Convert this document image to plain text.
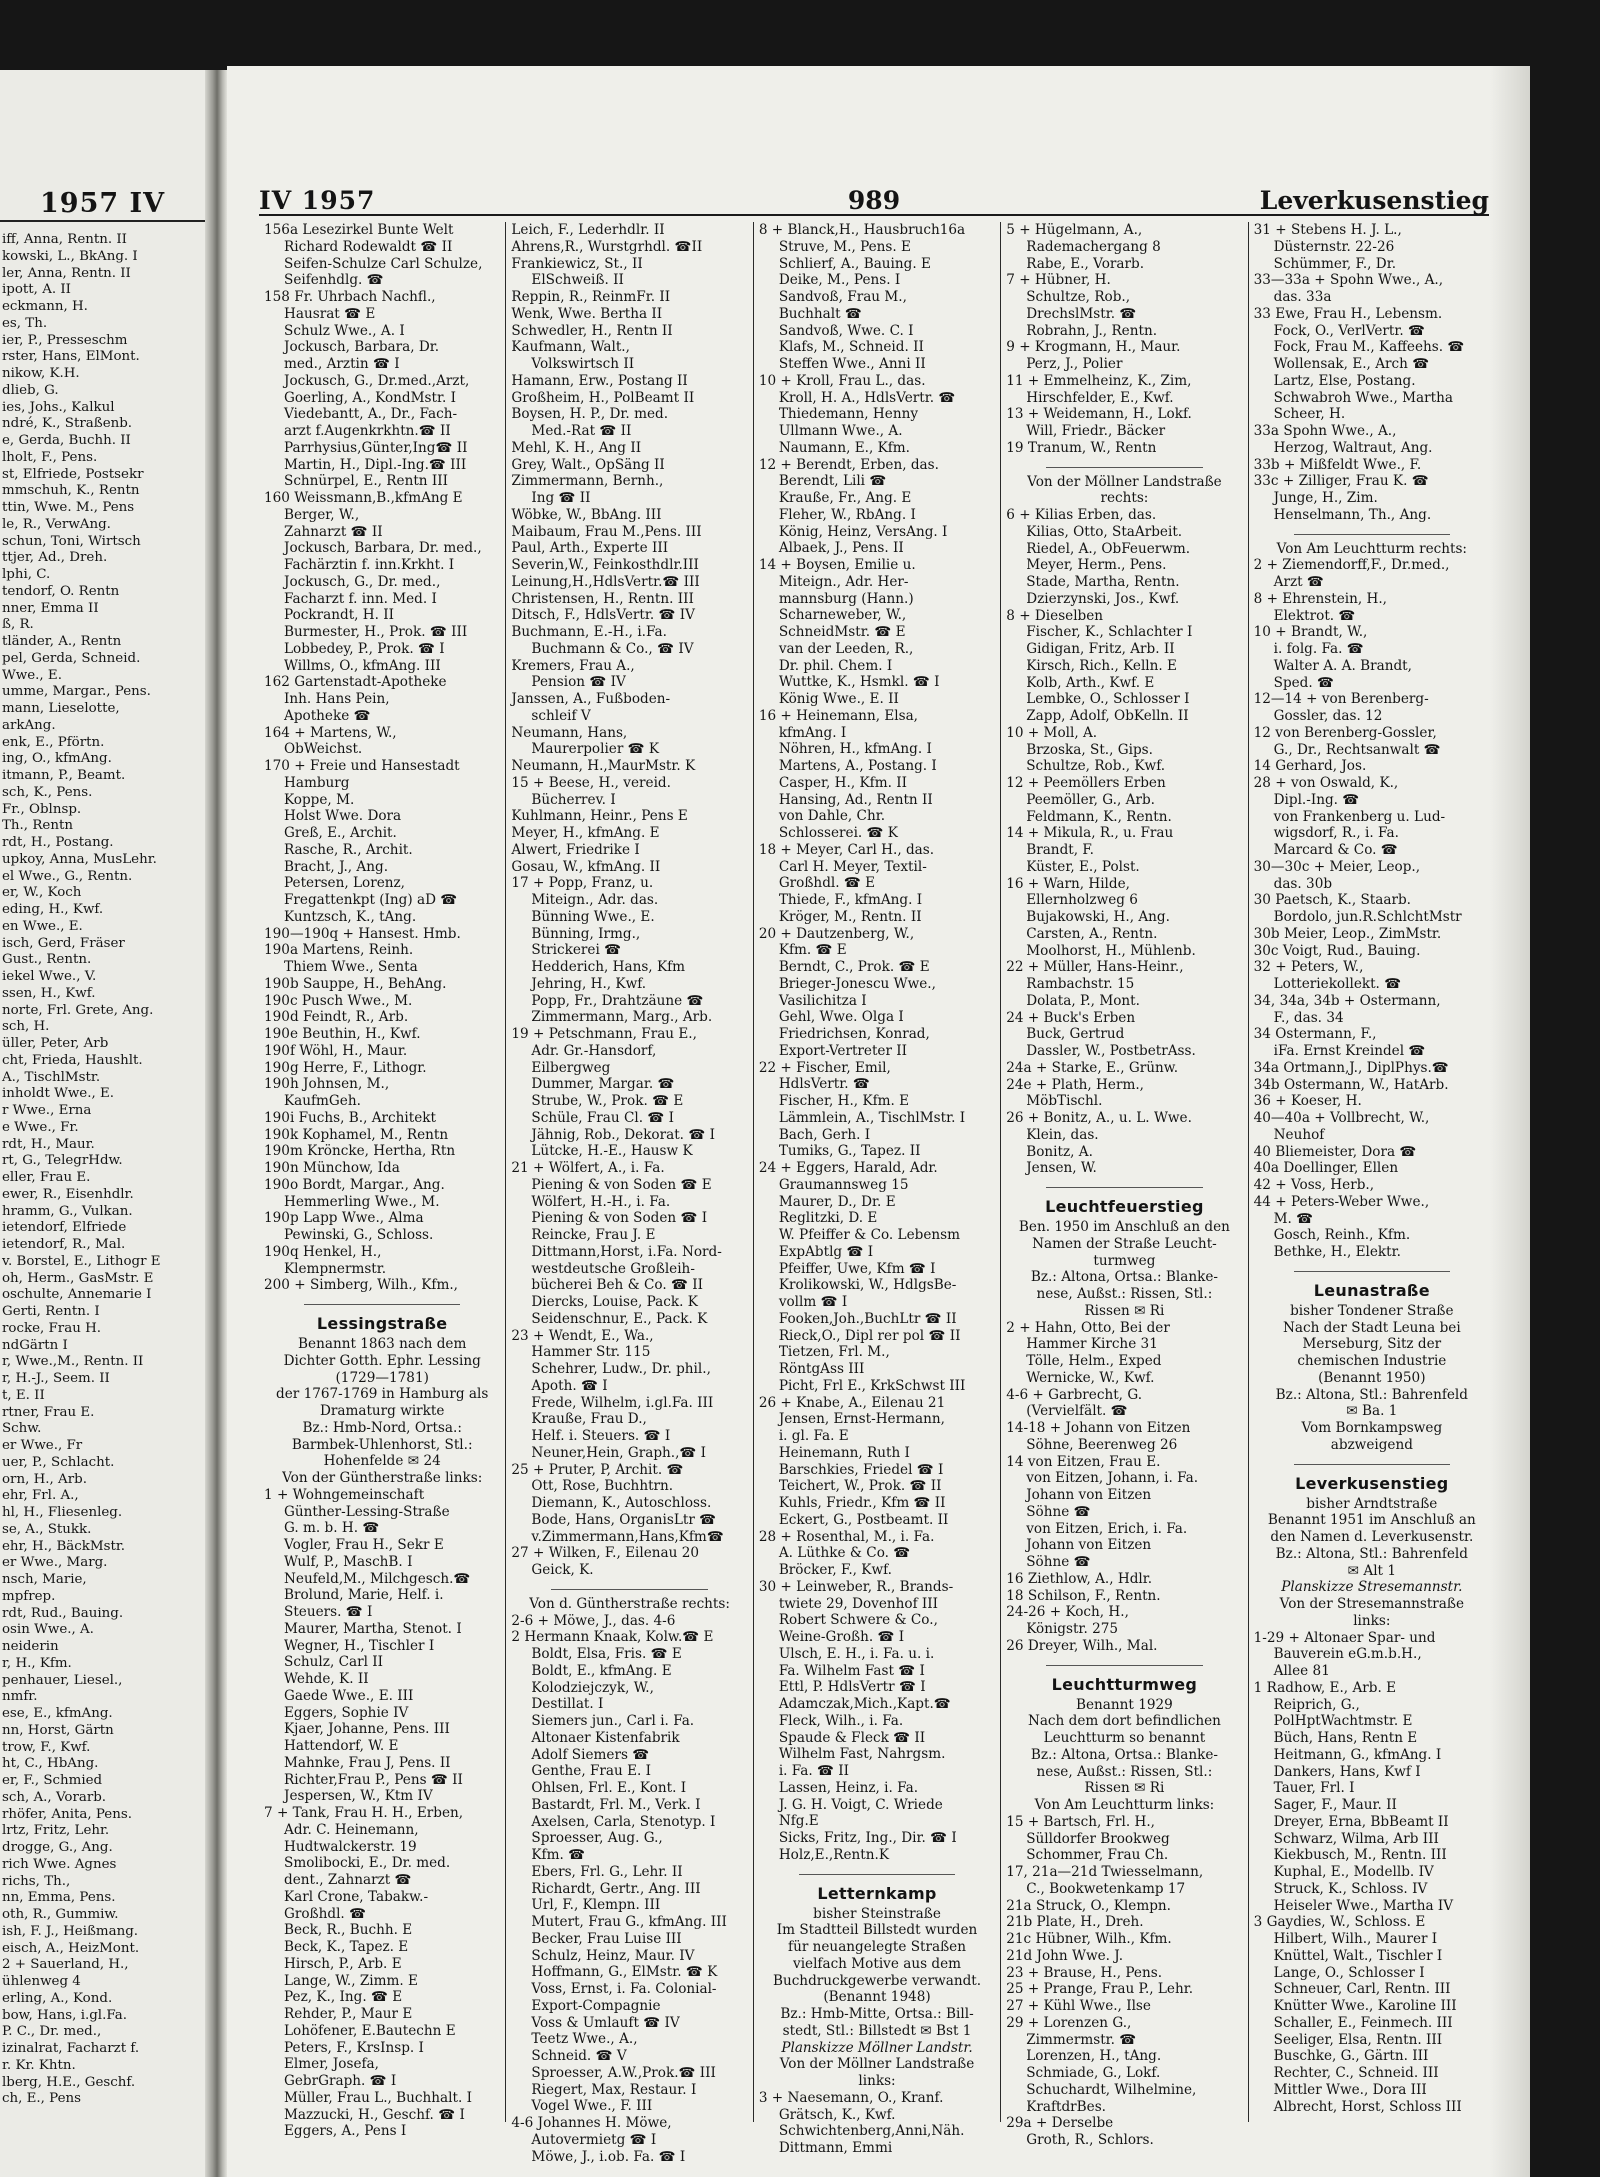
1957 IV
iff, Anna, Rentn. II
kowski, L., BkAng. I
ler, Anna, Rentn. II
ipott, A. II
eckmann, H.
es, Th.
ier, P., Presseschm
rster, Hans, ElMont.
nikow, K.H.
dlieb, G.
ies, Johs., Kalkul
ndré, K., Straßenb.
e, Gerda, Buchh. II
lholt, F., Pens.
st, Elfriede, Postsekr
mmschuh, K., Rentn
ttin, Wwe. M., Pens
le, R., VerwAng.
schun, Toni, Wirtsch
ttjer, Ad., Dreh.
lphi, C.
tendorf, O. Rentn
nner, Emma II
ß, R.
tländer, A., Rentn
pel, Gerda, Schneid.
Wwe., E.
umme, Margar., Pens.
mann, Lieselotte,
arkAng.
enk, E., Pförtn.
ing, O., kfmAng.
itmann, P., Beamt.
sch, K., Pens.
Fr., Oblnsp.
Th., Rentn
rdt, H., Postang.
upkoy, Anna, MusLehr.
el Wwe., G., Rentn.
er, W., Koch
eding, H., Kwf.
en Wwe., E.
isch, Gerd, Fräser
Gust., Rentn.
iekel Wwe., V.
ssen, H., Kwf.
norte, Frl. Grete, Ang.
sch, H.
üller, Peter, Arb
cht, Frieda, Haushlt.
A., TischlMstr.
inholdt Wwe., E.
r Wwe., Erna
e Wwe., Fr.
rdt, H., Maur.
rt, G., TelegrHdw.
eller, Frau E.
ewer, R., Eisenhdlr.
hramm, G., Vulkan.
ietendorf, Elfriede
ietendorf, R., Mal.
v. Borstel, E., Lithogr E
oh, Herm., GasMstr. E
oschulte, Annemarie I
Gerti, Rentn. I
rocke, Frau H.
ndGärtn I
r, Wwe.,M., Rentn. II
r, H.-J., Seem. II
t, E. II
rtner, Frau E.
Schw.
er Wwe., Fr
uer, P., Schlacht.
orn, H., Arb.
ehr, Frl. A.,
hl, H., Fliesenleg.
se, A., Stukk.
ehr, H., BäckMstr.
er Wwe., Marg.
nsch, Marie,
mpfrep.
rdt, Rud., Bauing.
osin Wwe., A.
neiderin
r, H., Kfm.
penhauer, Liesel.,
nmfr.
ese, E., kfmAng.
nn, Horst, Gärtn
trow, F., Kwf.
ht, C., HbAng.
er, F., Schmied
sch, A., Vorarb.
rhöfer, Anita, Pens.
lrtz, Fritz, Lehr.
drogge, G., Ang.
rich Wwe. Agnes
richs, Th.,
nn, Emma, Pens.
oth, R., Gummiw.
ish, F. J., Heißmang.
eisch, A., HeizMont.
2 + Sauerland, H.,
ühlenweg 4
erling, A., Kond.
bow, Hans, i.gl.Fa.
P. C., Dr. med.,
izinalrat, Facharzt f.
r. Kr. Khtn.
lberg, H.E., Geschf.
ch, E., Pens
IV 1957	989	Leverkusenstieg
156a Lesezirkel Bunte Welt
Richard Rodewaldt ☎ II
Seifen-Schulze Carl Schulze,
Seifenhdlg. ☎
158 Fr. Uhrbach Nachfl.,
Hausrat ☎ E
Schulz Wwe., A. I
Jockusch, Barbara, Dr.
med., Arztin ☎ I
Jockusch, G., Dr.med.,Arzt,
Goerling, A., KondMstr. I
Viedebantt, A., Dr., Fach-
arzt f.Augenkrkhtn.☎ II
Parrhysius,Günter,Ing☎ II
Martin, H., Dipl.-Ing.☎ III
Schnürpel, E., Rentn III
160 Weissmann,B.,kfmAng E
Berger, W.,
Zahnarzt ☎ II
Jockusch, Barbara, Dr. med.,
Fachärztin f. inn.Krkht. I
Jockusch, G., Dr. med.,
Facharzt f. inn. Med. I
Pockrandt, H. II
Burmester, H., Prok. ☎ III
Lobbedey, P., Prok. ☎ I
Willms, O., kfmAng. III
162 Gartenstadt-Apotheke
Inh. Hans Pein,
Apotheke ☎
164 + Martens, W.,
ObWeichst.
170 + Freie und Hansestadt
Hamburg
Koppe, M.
Holst Wwe. Dora
Greß, E., Archit.
Rasche, R., Archit.
Bracht, J., Ang.
Petersen, Lorenz,
Fregattenkpt (Ing) aD ☎
Kuntzsch, K., tAng.
190—190q + Hansest. Hmb.
190a Martens, Reinh.
Thiem Wwe., Senta
190b Sauppe, H., BehAng.
190c Pusch Wwe., M.
190d Feindt, R., Arb.
190e Beuthin, H., Kwf.
190f Wöhl, H., Maur.
190g Herre, F., Lithogr.
190h Johnsen, M.,
KaufmGeh.
190i Fuchs, B., Architekt
190k Kophamel, M., Rentn
190m Kröncke, Hertha, Rtn
190n Münchow, Ida
190o Bordt, Margar., Ang.
Hemmerling Wwe., M.
190p Lapp Wwe., Alma
Pewinski, G., Schloss.
190q Henkel, H.,
Klempnermstr.
200 + Simberg, Wilh., Kfm.,
Lessingstraße
Benannt 1863 nach dem
Dichter Gotth. Ephr. Lessing
(1729—1781)
der 1767-1769 in Hamburg als
Dramaturg wirkte
Bz.: Hmb-Nord, Ortsa.:
Barmbek-Uhlenhorst, Stl.:
Hohenfelde ✉ 24
Von der Güntherstraße links:
1 + Wohngemeinschaft
Günther-Lessing-Straße
G. m. b. H. ☎
Vogler, Frau H., Sekr E
Wulf, P., MaschB. I
Neufeld,M., Milchgesch.☎
Brolund, Marie, Helf. i.
Steuers. ☎ I
Maurer, Martha, Stenot. I
Wegner, H., Tischler I
Schulz, Carl II
Wehde, K. II
Gaede Wwe., E. III
Eggers, Sophie IV
Kjaer, Johanne, Pens. III
Hattendorf, W. E
Mahnke, Frau J, Pens. II
Richter,Frau P., Pens ☎ II
Jespersen, W., Ktm IV
7 + Tank, Frau H. H., Erben,
Adr. C. Heinemann,
Hudtwalckerstr. 19
Smolibocki, E., Dr. med.
dent., Zahnarzt ☎
Karl Crone, Tabakw.-
Großhdl. ☎
Beck, R., Buchh. E
Beck, K., Tapez. E
Hirsch, P., Arb. E
Lange, W., Zimm. E
Pez, K., Ing. ☎ E
Rehder, P., Maur E
Lohöfener, E.Bautechn E
Peters, F., KrsInsp. I
Elmer, Josefa,
GebrGraph. ☎ I
Müller, Frau L., Buchhalt. I
Mazzucki, H., Geschf. ☎ I
Eggers, A., Pens I
Leich, F., Lederhdlr. II
Ahrens,R., Wurstgrhdl. ☎II
Frankiewicz, St., II
ElSchweiß. II
Reppin, R., ReinmFr. II
Wenk, Wwe. Bertha II
Schwedler, H., Rentn II
Kaufmann, Walt.,
Volkswirtsch II
Hamann, Erw., Postang II
Großheim, H., PolBeamt II
Boysen, H. P., Dr. med.
Med.-Rat ☎ II
Mehl, K. H., Ang II
Grey, Walt., OpSäng II
Zimmermann, Bernh.,
Ing ☎ II
Wöbke, W., BbAng. III
Maibaum, Frau M.,Pens. III
Paul, Arth., Experte III
Severin,W., Feinkosthdlr.III
Leinung,H.,HdlsVertr.☎ III
Christensen, H., Rentn. III
Ditsch, F., HdlsVertr. ☎ IV
Buchmann, E.-H., i.Fa.
Buchmann & Co., ☎ IV
Kremers, Frau A.,
Pension ☎ IV
Janssen, A., Fußboden-
schleif V
Neumann, Hans,
Maurerpolier ☎ K
Neumann, H.,MaurMstr. K
15 + Beese, H., vereid.
Bücherrev. I
Kuhlmann, Heinr., Pens E
Meyer, H., kfmAng. E
Alwert, Friedrike I
Gosau, W., kfmAng. II
17 + Popp, Franz, u.
Miteign., Adr. das.
Bünning Wwe., E.
Bünning, Irmg.,
Strickerei ☎
Hedderich, Hans, Kfm
Jehring, H., Kwf.
Popp, Fr., Drahtzäune ☎
Zimmermann, Marg., Arb.
19 + Petschmann, Frau E.,
Adr. Gr.-Hansdorf,
Eilbergweg
Dummer, Margar. ☎
Strube, W., Prok. ☎ E
Schüle, Frau Cl. ☎ I
Jähnig, Rob., Dekorat. ☎ I
Lütcke, H.-E., Hausw K
21 + Wölfert, A., i. Fa.
Piening & von Soden ☎ E
Wölfert, H.-H., i. Fa.
Piening & von Soden ☎ I
Reincke, Frau J. E
Dittmann,Horst, i.Fa. Nord-
westdeutsche Großleih-
bücherei Beh & Co. ☎ II
Diercks, Louise, Pack. K
Seidenschnur, E., Pack. K
23 + Wendt, E., Wa.,
Hammer Str. 115
Schehrer, Ludw., Dr. phil.,
Apoth. ☎ I
Frede, Wilhelm, i.gl.Fa. III
Krauße, Frau D.,
Helf. i. Steuers. ☎ I
Neuner,Hein, Graph.,☎ I
25 + Pruter, P, Archit. ☎
Ott, Rose, Buchhtrn.
Diemann, K., Autoschloss.
Bode, Hans, OrganisLtr ☎
v.Zimmermann,Hans,Kfm☎
27 + Wilken, F., Eilenau 20
Geick, K.
Von d. Güntherstraße rechts:
2-6 + Möwe, J., das. 4-6
2 Hermann Knaak, Kolw.☎ E
Boldt, Elsa, Fris. ☎ E
Boldt, E., kfmAng. E
Kolodziejczyk, W.,
Destillat. I
Siemers jun., Carl i. Fa.
Altonaer Kistenfabrik
Adolf Siemers ☎
Genthe, Frau E. I
Ohlsen, Frl. E., Kont. I
Bastardt, Frl. M., Verk. I
Axelsen, Carla, Stenotyp. I
Sproesser, Aug. G.,
Kfm. ☎
Ebers, Frl. G., Lehr. II
Richardt, Gertr., Ang. III
Url, F., Klempn. III
Mutert, Frau G., kfmAng. III
Becker, Frau Luise III
Schulz, Heinz, Maur. IV
Hoffmann, G., ElMstr. ☎ K
Voss, Ernst, i. Fa. Colonial-
Export-Compagnie
Voss & Umlauft ☎ IV
Teetz Wwe., A.,
Schneid. ☎ V
Sproesser, A.W.,Prok.☎ III
Riegert, Max, Restaur. I
Vogel Wwe., F. III
4-6 Johannes H. Möwe,
Autovermietg ☎ I
Möwe, J., i.ob. Fa. ☎ I
8 + Blanck,H., Hausbruch16a
Struve, M., Pens. E
Schlierf, A., Bauing. E
Deike, M., Pens. I
Sandvoß, Frau M.,
Buchhalt ☎
Sandvoß, Wwe. C. I
Klafs, M., Schneid. II
Steffen Wwe., Anni II
10 + Kroll, Frau L., das.
Kroll, H. A., HdlsVertr. ☎
Thiedemann, Henny
Ullmann Wwe., A.
Naumann, E., Kfm.
12 + Berendt, Erben, das.
Berendt, Lili ☎
Krauße, Fr., Ang. E
Fleher, W., RbAng. I
König, Heinz, VersAng. I
Albaek, J., Pens. II
14 + Boysen, Emilie u.
Miteign., Adr. Her-
mannsburg (Hann.)
Scharneweber, W.,
SchneidMstr. ☎ E
van der Leeden, R.,
Dr. phil. Chem. I
Wuttke, K., Hsmkl. ☎ I
König Wwe., E. II
16 + Heinemann, Elsa,
kfmAng. I
Nöhren, H., kfmAng. I
Martens, A., Postang. I
Casper, H., Kfm. II
Hansing, Ad., Rentn II
von Dahle, Chr.
Schlosserei. ☎ K
18 + Meyer, Carl H., das.
Carl H. Meyer, Textil-
Großhdl. ☎ E
Thiede, F., kfmAng. I
Kröger, M., Rentn. II
20 + Dautzenberg, W.,
Kfm. ☎ E
Berndt, C., Prok. ☎ E
Brieger-Jonescu Wwe.,
Vasilichitza I
Gehl, Wwe. Olga I
Friedrichsen, Konrad,
Export-Vertreter II
22 + Fischer, Emil,
HdlsVertr. ☎
Fischer, H., Kfm. E
Lämmlein, A., TischlMstr. I
Bach, Gerh. I
Tumiks, G., Tapez. II
24 + Eggers, Harald, Adr.
Graumannsweg 15
Maurer, D., Dr. E
Reglitzki, D. E
W. Pfeiffer & Co. Lebensm
ExpAbtlg ☎ I
Pfeiffer, Uwe, Kfm ☎ I
Krolikowski, W., HdlgsBe-
vollm ☎ I
Fooken,Joh.,BuchLtr ☎ II
Rieck,O., Dipl rer pol ☎ II
Tietzen, Frl. M.,
RöntgAss III
Picht, Frl E., KrkSchwst III
26 + Knabe, A., Eilenau 21
Jensen, Ernst-Hermann,
i. gl. Fa. E
Heinemann, Ruth I
Barschkies, Friedel ☎ I
Teichert, W., Prok. ☎ II
Kuhls, Friedr., Kfm ☎ II
Eckert, G., Postbeamt. II
28 + Rosenthal, M., i. Fa.
A. Lüthke & Co. ☎
Bröcker, F., Kwf.
30 + Leinweber, R., Brands-
twiete 29, Dovenhof III
Robert Schwere & Co.,
Weine-Großh. ☎ I
Ulsch, E. H., i. Fa. u. i.
Fa. Wilhelm Fast ☎ I
Ettl, P. HdlsVertr ☎ I
Adamczak,Mich.,Kapt.☎
Fleck, Wilh., i. Fa.
Spaude & Fleck ☎ II
Wilhelm Fast, Nahrgsm.
i. Fa. ☎ II
Lassen, Heinz, i. Fa.
J. G. H. Voigt, C. Wriede
Nfg.E
Sicks, Fritz, Ing., Dir. ☎ I
Holz,E.,Rentn.K
Letternkamp
bisher Steinstraße
Im Stadtteil Billstedt wurden
für neuangelegte Straßen
vielfach Motive aus dem
Buchdruckgewerbe verwandt.
(Benannt 1948)
Bz.: Hmb-Mitte, Ortsa.: Bill-
stedt, Stl.: Billstedt ✉ Bst 1
Planskizze Möllner Landstr.
Von der Möllner Landstraße
links:
3 + Naesemann, O., Kranf.
Grätsch, K., Kwf.
Schwichtenberg,Anni,Näh.
Dittmann, Emmi
5 + Hügelmann, A.,
Rademachergang 8
Rabe, E., Vorarb.
7 + Hübner, H.
Schultze, Rob.,
DrechslMstr. ☎
Robrahn, J., Rentn.
9 + Krogmann, H., Maur.
Perz, J., Polier
11 + Emmelheinz, K., Zim,
Hirschfelder, E., Kwf.
13 + Weidemann, H., Lokf.
Will, Friedr., Bäcker
19 Tranum, W., Rentn
Von der Möllner Landstraße
rechts:
6 + Kilias Erben, das.
Kilias, Otto, StaArbeit.
Riedel, A., ObFeuerwm.
Meyer, Herm., Pens.
Stade, Martha, Rentn.
Dzierzynski, Jos., Kwf.
8 + Dieselben
Fischer, K., Schlachter I
Gidigan, Fritz, Arb. II
Kirsch, Rich., Kelln. E
Kolb, Arth., Kwf. E
Lembke, O., Schlosser I
Zapp, Adolf, ObKelln. II
10 + Moll, A.
Brzoska, St., Gips.
Schultze, Rob., Kwf.
12 + Peemöllers Erben
Peemöller, G., Arb.
Feldmann, K., Rentn.
14 + Mikula, R., u. Frau
Brandt, F.
Küster, E., Polst.
16 + Warn, Hilde,
Ellernholzweg 6
Bujakowski, H., Ang.
Carsten, A., Rentn.
Moolhorst, H., Mühlenb.
22 + Müller, Hans-Heinr.,
Rambachstr. 15
Dolata, P., Mont.
24 + Buck's Erben
Buck, Gertrud
Dassler, W., PostbetrAss.
24a + Starke, E., Grünw.
24e + Plath, Herm.,
MöbTischl.
26 + Bonitz, A., u. L. Wwe.
Klein, das.
Bonitz, A.
Jensen, W.
Leuchtfeuerstieg
Ben. 1950 im Anschluß an den
Namen der Straße Leucht-
turmweg
Bz.: Altona, Ortsa.: Blanke-
nese, Außst.: Rissen, Stl.:
Rissen ✉ Ri
2 + Hahn, Otto, Bei der
Hammer Kirche 31
Tölle, Helm., Exped
Wernicke, W., Kwf.
4-6 + Garbrecht, G.
(Vervielfält. ☎
14-18 + Johann von Eitzen
Söhne, Beerenweg 26
14 von Eitzen, Frau E.
von Eitzen, Johann, i. Fa.
Johann von Eitzen
Söhne ☎
von Eitzen, Erich, i. Fa.
Johann von Eitzen
Söhne ☎
16 Ziethlow, A., Hdlr.
18 Schilson, F., Rentn.
24-26 + Koch, H.,
Königstr. 275
26 Dreyer, Wilh., Mal.
Leuchtturmweg
Benannt 1929
Nach dem dort befindlichen
Leuchtturm so benannt
Bz.: Altona, Ortsa.: Blanke-
nese, Außst.: Rissen, Stl.:
Rissen ✉ Ri
Von Am Leuchtturm links:
15 + Bartsch, Frl. H.,
Sülldorfer Brookweg
Schommer, Frau Ch.
17, 21a—21d Twiesselmann,
C., Bookwetenkamp 17
21a Struck, O., Klempn.
21b Plate, H., Dreh.
21c Hübner, Wilh., Kfm.
21d John Wwe. J.
23 + Brause, H., Pens.
25 + Prange, Frau P., Lehr.
27 + Kühl Wwe., Ilse
29 + Lorenzen G.,
Zimmermstr. ☎
Lorenzen, H., tAng.
Schmiade, G., Lokf.
Schuchardt, Wilhelmine,
KraftdrBes.
29a + Derselbe
Groth, R., Schlors.
31 + Stebens H. J. L.,
Düsternstr. 22-26
Schümmer, F., Dr.
33—33a + Spohn Wwe., A.,
das. 33a
33 Ewe, Frau H., Lebensm.
Fock, O., VerlVertr. ☎
Fock, Frau M., Kaffeehs. ☎
Wollensak, E., Arch ☎
Lartz, Else, Postang.
Schwabroh Wwe., Martha
Scheer, H.
33a Spohn Wwe., A.,
Herzog, Waltraut, Ang.
33b + Mißfeldt Wwe., F.
33c + Zilliger, Frau K. ☎
Junge, H., Zim.
Henselmann, Th., Ang.
Von Am Leuchtturm rechts:
2 + Ziemendorff,F., Dr.med.,
Arzt ☎
8 + Ehrenstein, H.,
Elektrot. ☎
10 + Brandt, W.,
i. folg. Fa. ☎
Walter A. A. Brandt,
Sped. ☎
12—14 + von Berenberg-
Gossler, das. 12
12 von Berenberg-Gossler,
G., Dr., Rechtsanwalt ☎
14 Gerhard, Jos.
28 + von Oswald, K.,
Dipl.-Ing. ☎
von Frankenberg u. Lud-
wigsdorf, R., i. Fa.
Marcard & Co. ☎
30—30c + Meier, Leop.,
das. 30b
30 Paetsch, K., Staarb.
Bordolo, jun.R.SchlchtMstr
30b Meier, Leop., ZimMstr.
30c Voigt, Rud., Bauing.
32 + Peters, W.,
Lotteriekollekt. ☎
34, 34a, 34b + Ostermann,
F., das. 34
34 Ostermann, F.,
iFa. Ernst Kreindel ☎
34a Ortmann,J., DiplPhys.☎
34b Ostermann, W., HatArb.
36 + Koeser, H.
40—40a + Vollbrecht, W.,
Neuhof
40 Bliemeister, Dora ☎
40a Doellinger, Ellen
42 + Voss, Herb.,
44 + Peters-Weber Wwe.,
M. ☎
Gosch, Reinh., Kfm.
Bethke, H., Elektr.
Leunastraße
bisher Tondener Straße
Nach der Stadt Leuna bei
Merseburg, Sitz der
chemischen Industrie
(Benannt 1950)
Bz.: Altona, Stl.: Bahrenfeld
✉ Ba. 1
Vom Bornkampsweg
abzweigend
Leverkusenstieg
bisher Arndtstraße
Benannt 1951 im Anschluß an
den Namen d. Leverkusenstr.
Bz.: Altona, Stl.: Bahrenfeld
✉ Alt 1
Planskizze Stresemannstr.
Von der Stresemannstraße
links:
1-29 + Altonaer Spar- und
Bauverein eG.m.b.H.,
Allee 81
1 Radhow, E., Arb. E
Reiprich, G.,
PolHptWachtmstr. E
Büch, Hans, Rentn E
Heitmann, G., kfmAng. I
Dankers, Hans, Kwf I
Tauer, Frl. I
Sager, F., Maur. II
Dreyer, Erna, BbBeamt II
Schwarz, Wilma, Arb III
Kiekbusch, M., Rentn. III
Kuphal, E., Modellb. IV
Struck, K., Schloss. IV
Heiseler Wwe., Martha IV
3 Gaydies, W., Schloss. E
Hilbert, Wilh., Maurer I
Knüttel, Walt., Tischler I
Lange, O., Schlosser I
Schneuer, Carl, Rentn. III
Knütter Wwe., Karoline III
Schaller, E., Feinmech. III
Seeliger, Elsa, Rentn. III
Buschke, G., Gärtn. III
Rechter, C., Schneid. III
Mittler Wwe., Dora III
Albrecht, Horst, Schloss III
